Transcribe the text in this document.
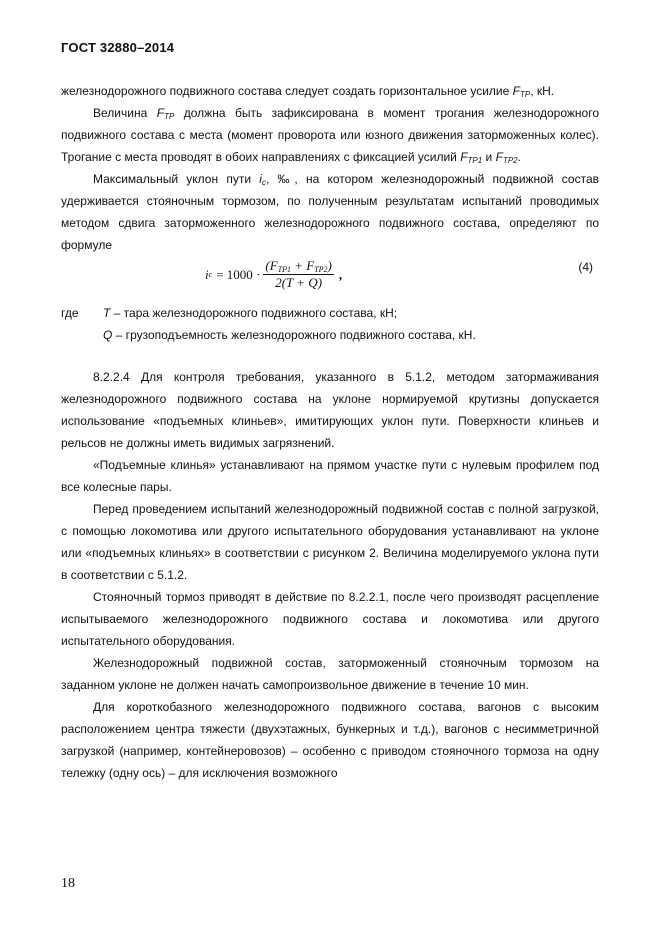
ГОСТ 32880–2014

железнодорожного подвижного состава следует создать горизонтальное усилие $F_{ТР}$, кН.

Величина $F_{ТР}$ должна быть зафиксирована в момент трогания железнодорожного подвижного состава с места (момент проворота или юзного движения заторможенных колес). Трогание с места проводят в обоих направлениях с фиксацией усилий $F_{ТР1}$ и $F_{ТР2}$.

Максимальный уклон пути $i_с$, ‰, на котором железнодорожный подвижной состав удерживается стояночным тормозом, по полученным результатам испытаний проводимых методом сдвига заторможенного железнодорожного подвижного состава, определяют по формуле

i $с = 1000 \cdot \frac{(F_{ТР1} + F_{ТР2})}{2(T + Q)}$ ,	(4)
где T – тара железнодорожного подвижного состава, кН;
Q – грузоподъемность железнодорожного подвижного состава, кН.

8.2.2.4 Для контроля требования, указанного в 5.1.2, методом затормаживания железнодорожного подвижного состава на уклоне нормируемой крутизны допускается использование «подъемных клиньев», имитирующих уклон пути. Поверхности клиньев и рельсов не должны иметь видимых загрязнений.

«Подъемные клинья» устанавливают на прямом участке пути с нулевым профилем под все колесные пары.

Перед проведением испытаний железнодорожный подвижной состав с полной загрузкой, с помощью локомотива или другого испытательного оборудования устанавливают на уклоне или «подъемных клиньях» в соответствии с рисунком 2. Величина моделируемого уклона пути в соответствии с 5.1.2.

Стояночный тормоз приводят в действие по 8.2.2.1, после чего производят расцепление испытываемого железнодорожного подвижного состава и локомотива или другого испытательного оборудования.

Железнодорожный подвижной состав, заторможенный стояночным тормозом на заданном уклоне не должен начать самопроизвольное движение в течение 10 мин.

Для короткобазного железнодорожного подвижного состава, вагонов с высоким расположением центра тяжести (двухэтажных, бункерных и т.д.), вагонов с несимметричной загрузкой (например, контейнеровозов) – особенно с приводом стояночного тормоза на одну тележку (одну ось) – для исключения возможного

18
